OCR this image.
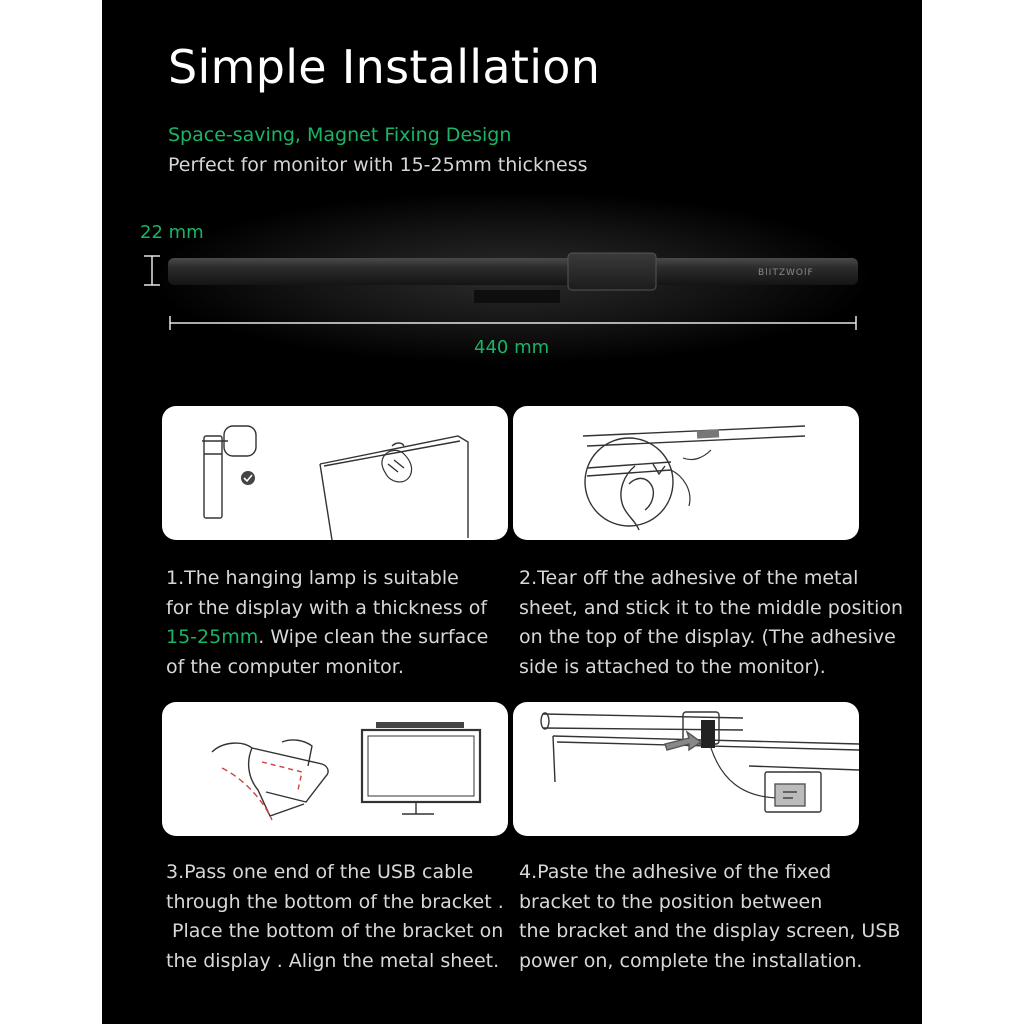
Simple Installation
Space-saving, Magnet Fixing Design
Perfect for monitor with 15-25mm thickness
22 mm
BlITZWOlF
440 mm
1.The hanging lamp is suitable
for the display with a thickness of
15-25mm. Wipe clean the surface
of the computer monitor.
2.Tear off the adhesive of the metal
sheet, and stick it to the middle position
on the top of the display. (The adhesive
side is attached to the monitor).
3.Pass one end of the USB cable
through the bottom of the bracket .
Place the bottom of the bracket on
the display . Align the metal sheet.
4.Paste the adhesive of the fixed
bracket to the position between
the bracket and the display screen, USB
power on, complete the installation.
